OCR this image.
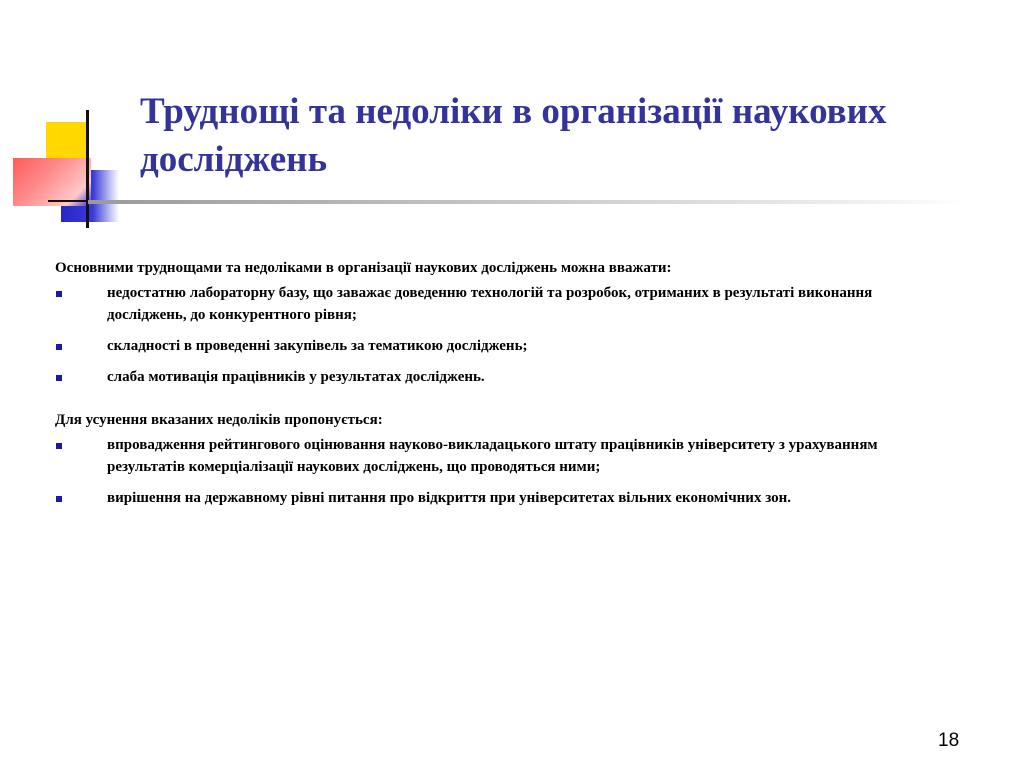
Труднощі та недоліки в організації наукових досліджень

Основними труднощами та недоліками в організації наукових досліджень можна вважати:

недостатню лабораторну базу, що заважає доведенню технологій та розробок, отриманих в результаті виконання досліджень, до конкурентного рівня;
складності в проведенні закупівель за тематикою досліджень;
слаба мотивація працівників у результатах досліджень.

Для усунення вказаних недоліків пропонується:

впровадження рейтингового оцінювання науково-викладацького штату працівників університету з урахуванням результатів комерціалізації наукових досліджень, що проводяться ними;
вирішення на державному рівні питання про відкриття при університетах вільних економічних зон.
18
